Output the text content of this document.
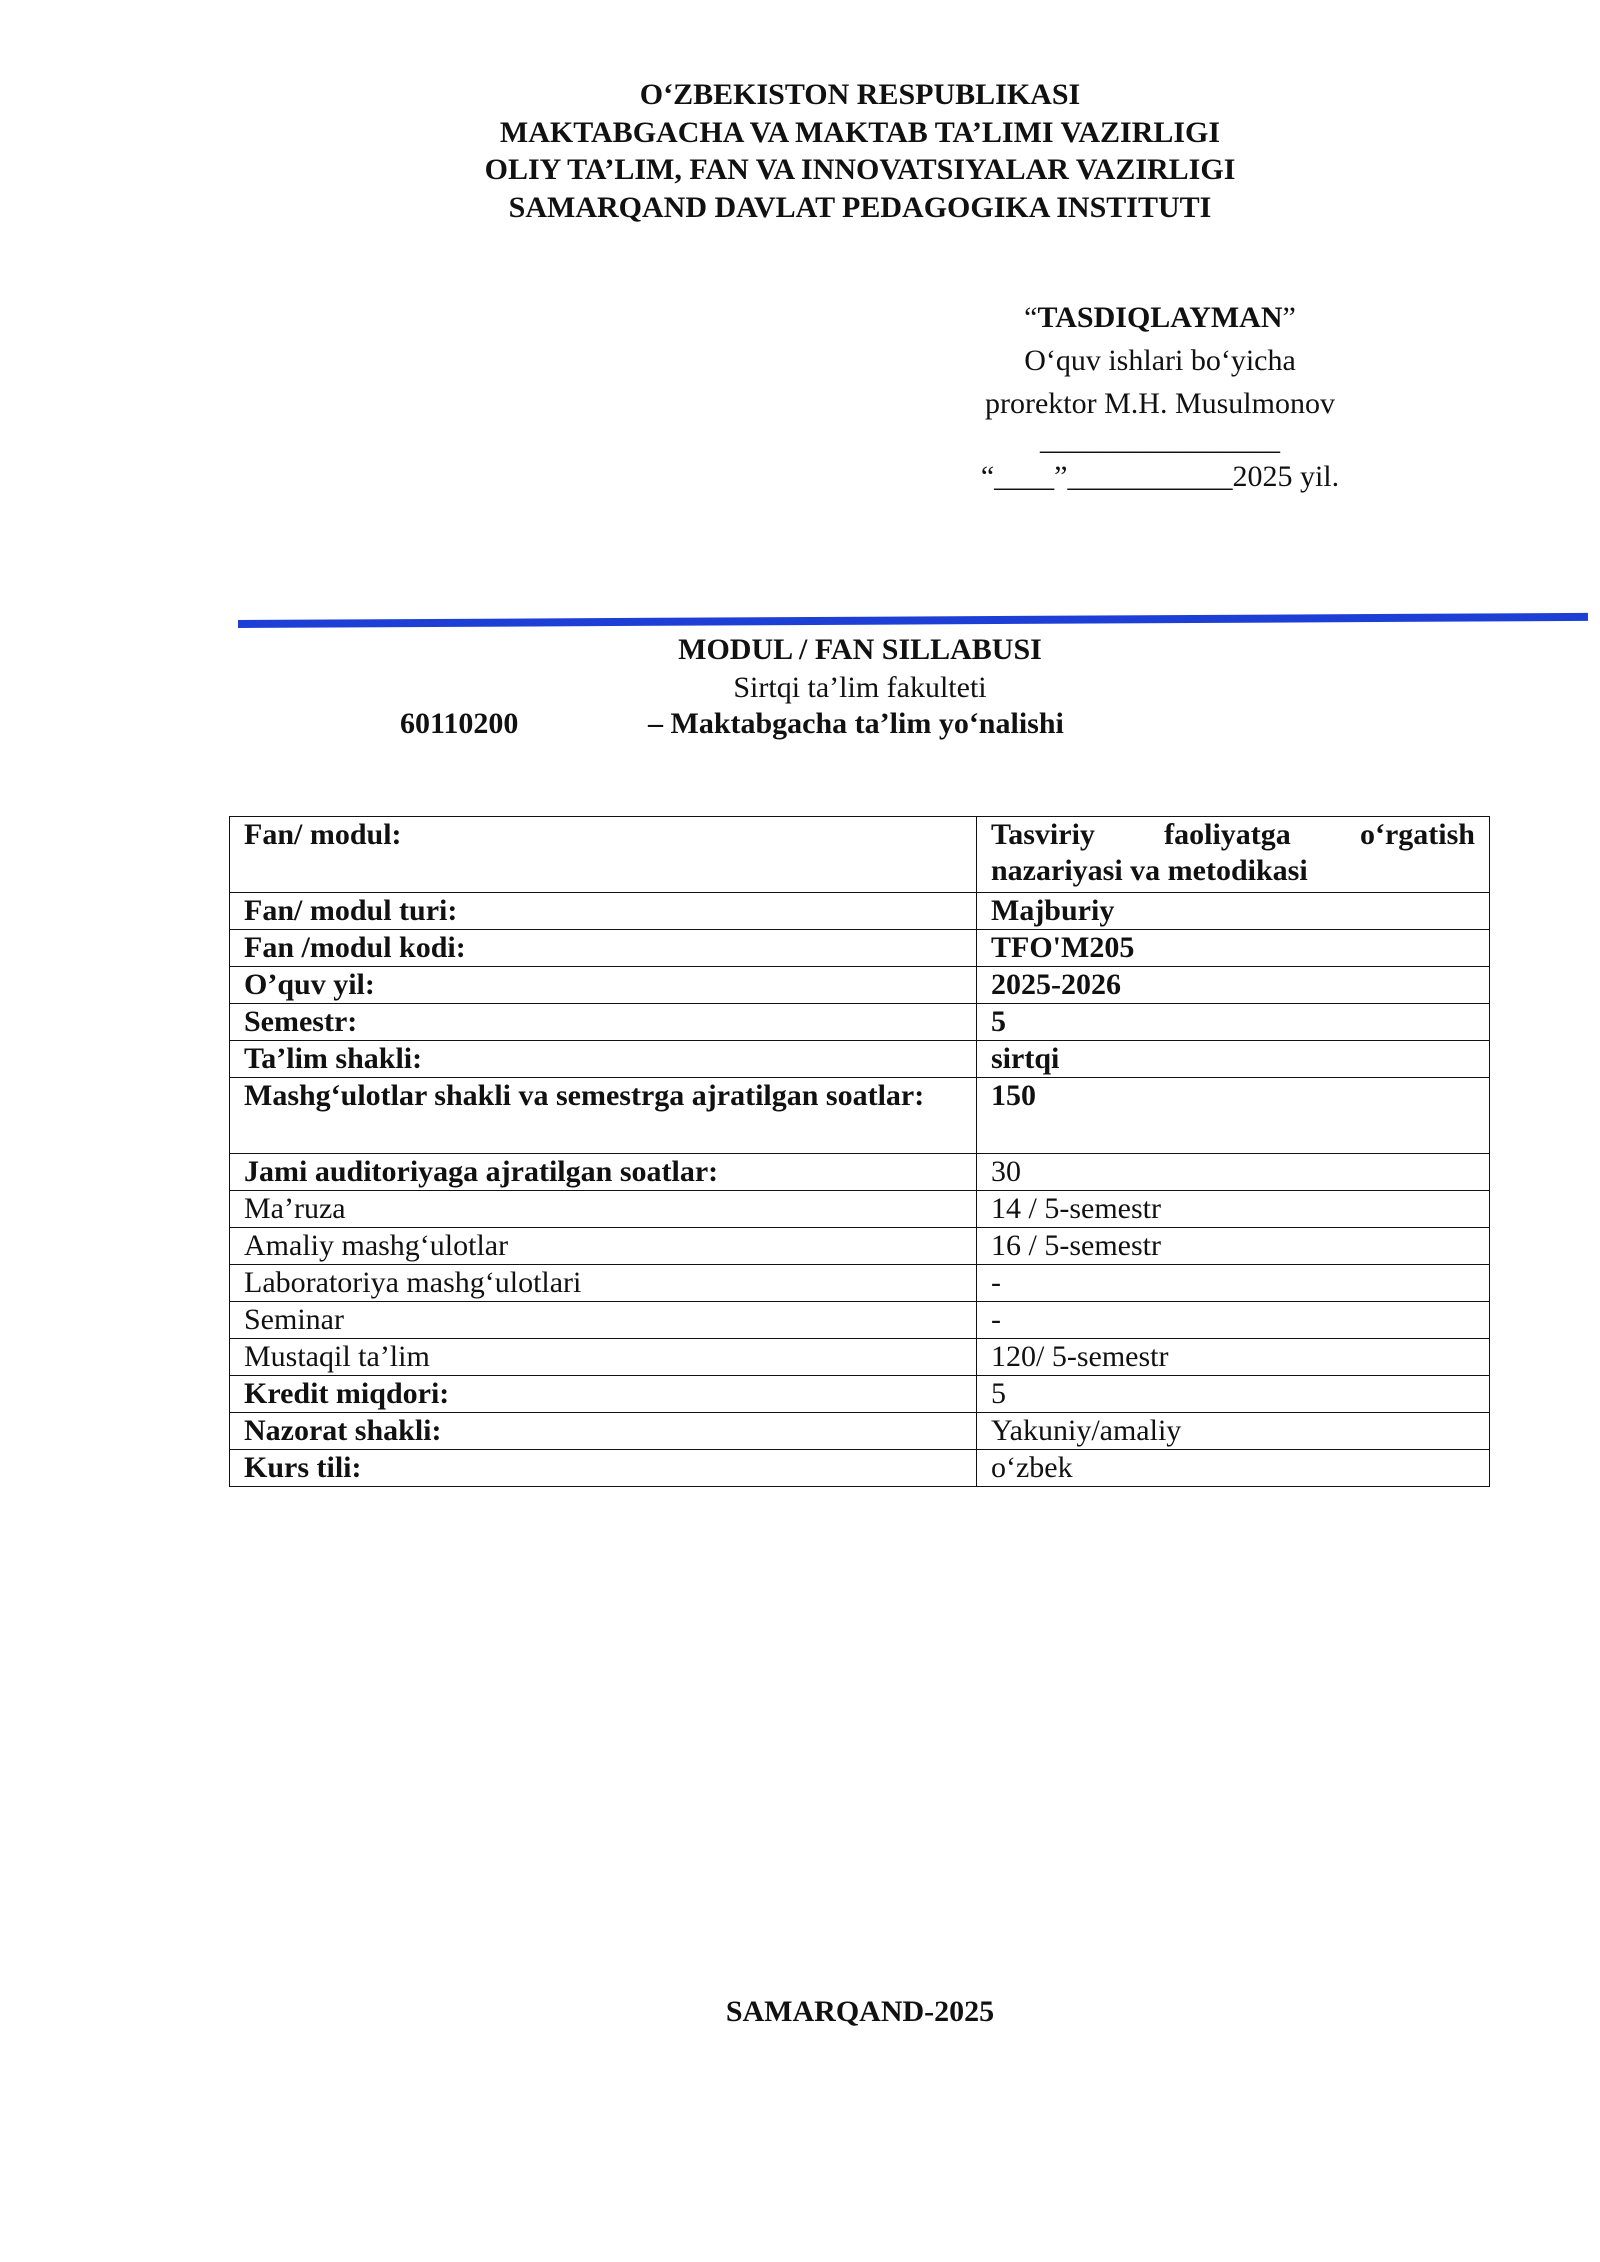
O‘ZBEKISTON RESPUBLIKASI
MAKTABGACHA VA MAKTAB TA’LIMI VAZIRLIGI
OLIY TA’LIM, FAN VA INNOVATSIYALAR VAZIRLIGI
SAMARQAND DAVLAT PEDAGOGIKA INSTITUTI
“TASDIQLAYMAN”
O‘quv ishlari bo‘yicha
prorektor M.H. Musulmonov
________________
“____”___________2025 yil.
MODUL / FAN SILLABUSI
Sirtqi ta’lim fakulteti
60110200	– Maktabgacha ta’lim yo‘nalishi
Fan/ modul:	Tasviriy faoliyatga o‘rgatish nazariyasi va metodikasi
Fan/ modul turi:	Majburiy
Fan /modul kodi:	TFO'M205
O’quv yil:	2025-2026
Semestr:	5
Ta’lim shakli:	sirtqi
Mashg‘ulotlar shakli va semestrga ajratilgan soatlar:	150
Jami auditoriyaga ajratilgan soatlar:	30
Ma’ruza	14 / 5-semestr
Amaliy mashg‘ulotlar	16 / 5-semestr
Laboratoriya mashg‘ulotlari	-
Seminar	-
Mustaqil ta’lim	120/ 5-semestr
Kredit miqdori:	5
Nazorat shakli:	Yakuniy/amaliy
Kurs tili:	o‘zbek
SAMARQAND-2025
